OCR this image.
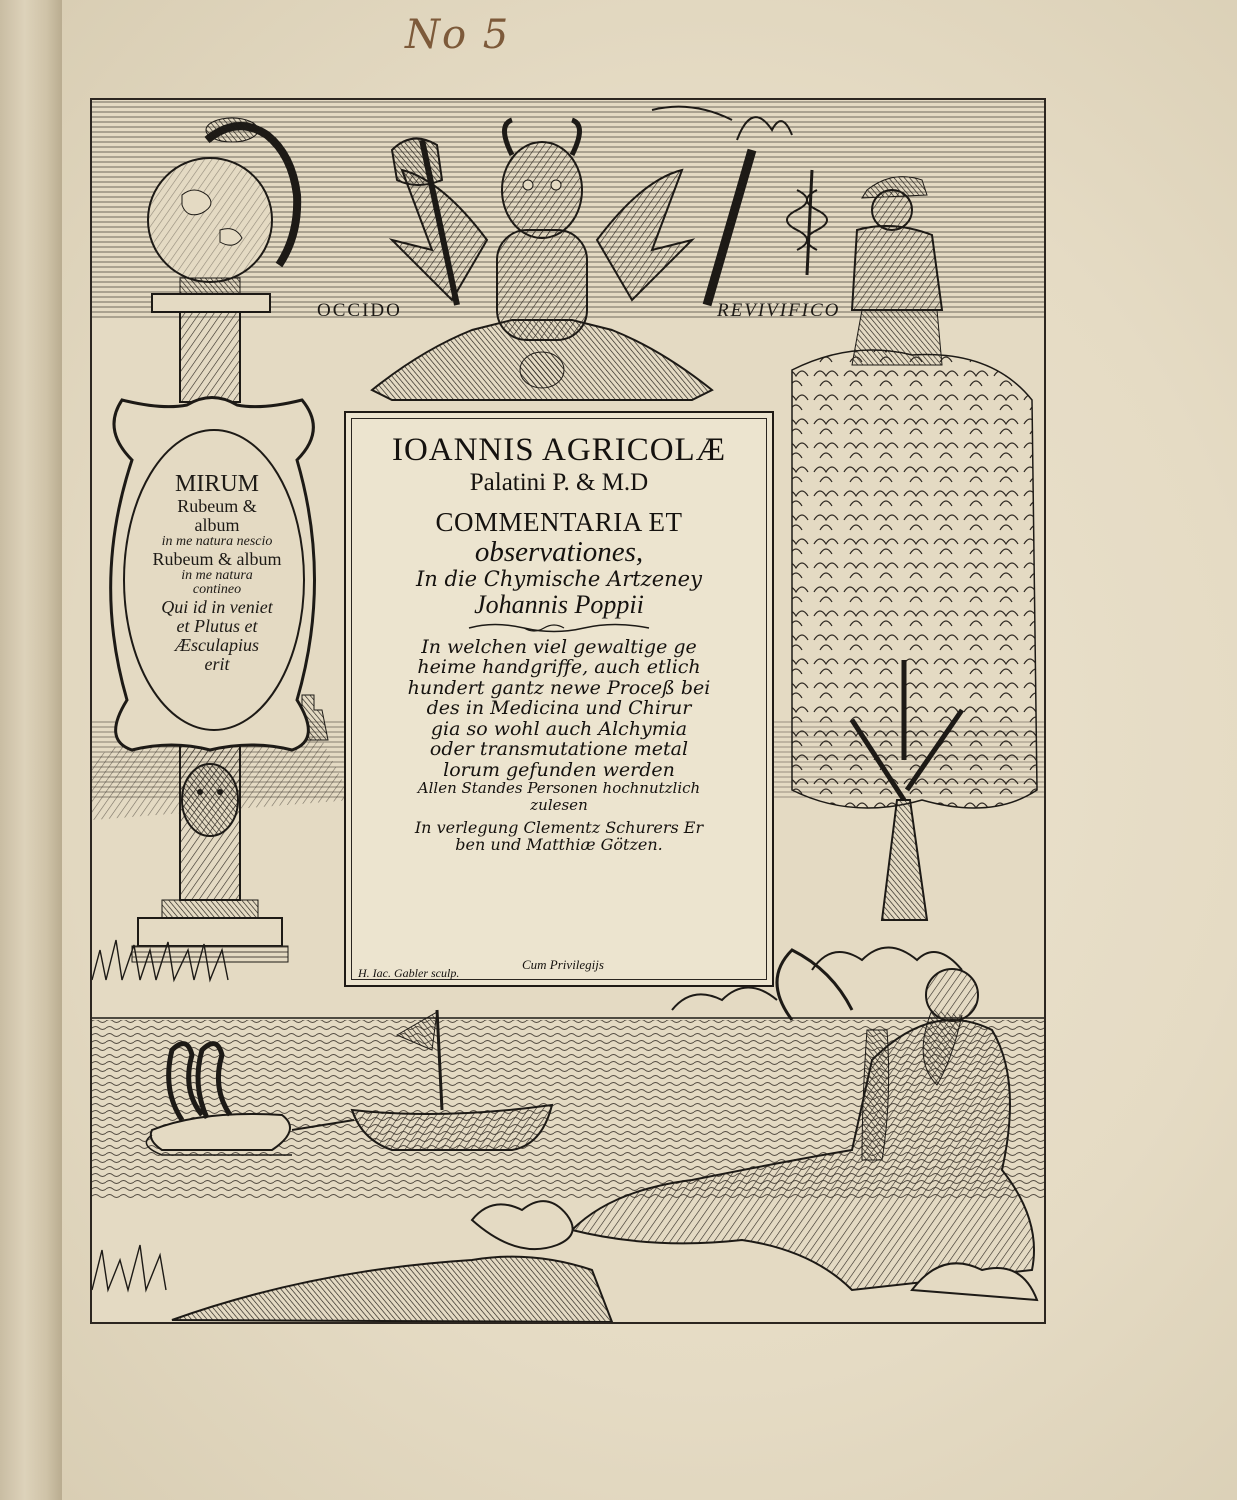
No 5
OCCIDO	REVIVIFICO
MIRUM
Rubeum &
album
in me natura nescio
Rubeum & album
in me natura
contineo
Qui id in veniet
et Plutus et
Æsculapius
erit
IOANNIS AGRICOLÆ
Palatini P. & M.D
COMMENTARIA ET
observationes,
In die Chymische Artzeney
Johannis Poppii
In welchen viel gewaltige ge
heime handgriffe, auch etlich
hundert gantz newe Proceß bei
des in Medicina und Chirur
gia so wohl auch Alchymia
oder transmutatione metal
lorum gefunden werden
Allen Standes Personen hochnutzlich
zulesen
In verlegung Clementz Schurers Er
ben und Matthiæ Götzen.
H. Iac. Gabler sculp.
Cum Privilegijs
